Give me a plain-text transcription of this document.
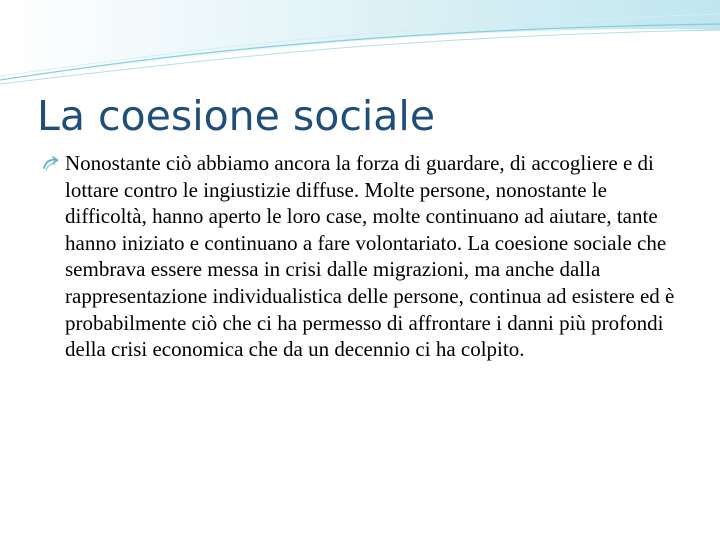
La coesione sociale
Nonostante ciò abbiamo ancora la forza di guardare, di accogliere e di lottare contro le ingiustizie diffuse. Molte persone, nonostante le difficoltà, hanno aperto le loro case, molte continuano ad aiutare, tante hanno iniziato e continuano a fare volontariato. La coesione sociale che sembrava essere messa in crisi dalle migrazioni, ma anche dalla rappresentazione individualistica delle persone, continua ad esistere ed è probabilmente ciò che ci ha permesso di affrontare i danni più profondi della crisi economica che da un decennio ci ha colpito.
